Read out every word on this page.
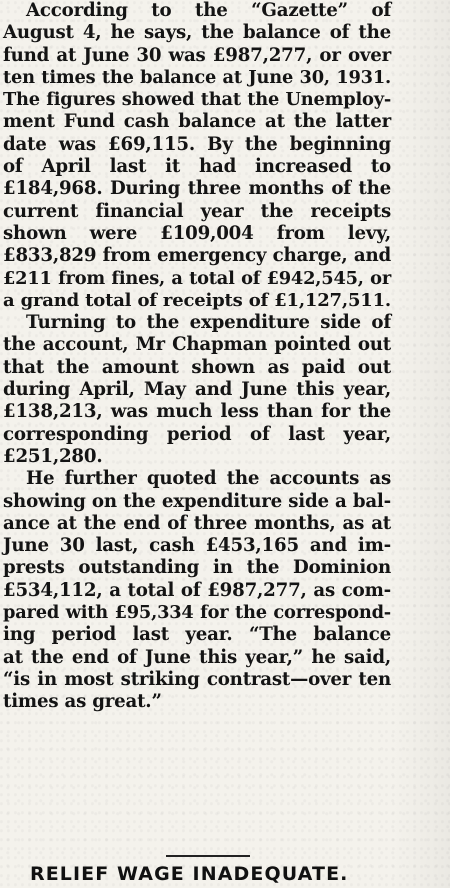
According to the “Gazette” of
August 4, he says, the balance of the
fund at June 30 was £987,277, or over
ten times the balance at June 30, 1931.
The figures showed that the Unemploy-
ment Fund cash balance at the latter
date was £69,115. By the beginning
of April last it had increased to
£184,968. During three months of the
current financial year the receipts
shown were £109,004 from levy,
£833,829 from emergency charge, and
£211 from fines, a total of £942,545, or
a grand total of receipts of £1,127,511.

Turning to the expenditure side of
the account, Mr Chapman pointed out
that the amount shown as paid out
during April, May and June this year,
£138,213, was much less than for the
corresponding period of last year,
£251,280.

He further quoted the accounts as
showing on the expenditure side a bal-
ance at the end of three months, as at
June 30 last, cash £453,165 and im-
prests outstanding in the Dominion
£534,112, a total of £987,277, as com-
pared with £95,334 for the correspond-
ing period last year. “The balance
at the end of June this year,” he said,
“is in most striking contrast—over ten
times as great.”

RELIEF WAGE INADEQUATE.
